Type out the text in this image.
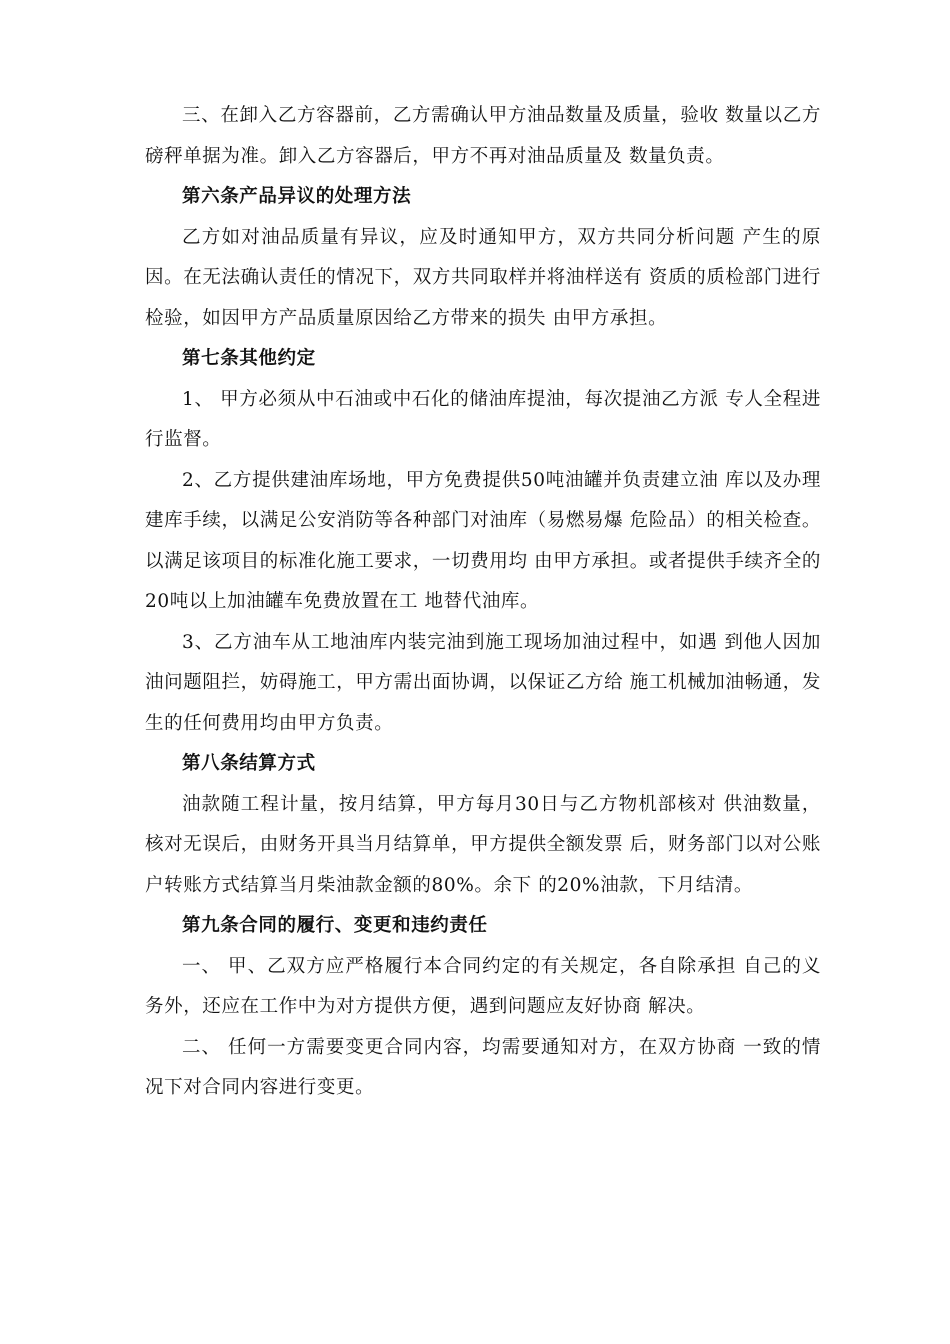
三、在卸入乙方容器前，乙方需确认甲方油品数量及质量，验收 数量以乙方磅秤单据为准。卸入乙方容器后，甲方不再对油品质量及 数量负责。

第六条产品异议的处理方法

乙方如对油品质量有异议，应及时通知甲方，双方共同分析问题 产生的原因。在无法确认责任的情况下，双方共同取样并将油样送有 资质的质检部门进行检验，如因甲方产品质量原因给乙方带来的损失 由甲方承担。

第七条其他约定

1、 甲方必须从中石油或中石化的储油库提油，每次提油乙方派 专人全程进行监督。

2、乙方提供建油库场地，甲方免费提供50吨油罐并负责建立油 库以及办理建库手续，以满足公安消防等各种部门对油库（易燃易爆 危险品）的相关检查。以满足该项目的标准化施工要求，一切费用均 由甲方承担。或者提供手续齐全的20吨以上加油罐车免费放置在工 地替代油库。

3、乙方油车从工地油库内装完油到施工现场加油过程中，如遇 到他人因加油问题阻拦，妨碍施工，甲方需出面协调，以保证乙方给 施工机械加油畅通，发生的任何费用均由甲方负责。

第八条结算方式

油款随工程计量，按月结算，甲方每月30日与乙方物机部核对 供油数量，核对无误后，由财务开具当月结算单，甲方提供全额发票 后，财务部门以对公账户转账方式结算当月柴油款金额的80%。余下 的20%油款，下月结清。

第九条合同的履行、变更和违约责任

一、 甲、乙双方应严格履行本合同约定的有关规定，各自除承担 自己的义务外，还应在工作中为对方提供方便，遇到问题应友好协商 解决。

二、 任何一方需要变更合同内容，均需要通知对方，在双方协商 一致的情况下对合同内容进行变更。
